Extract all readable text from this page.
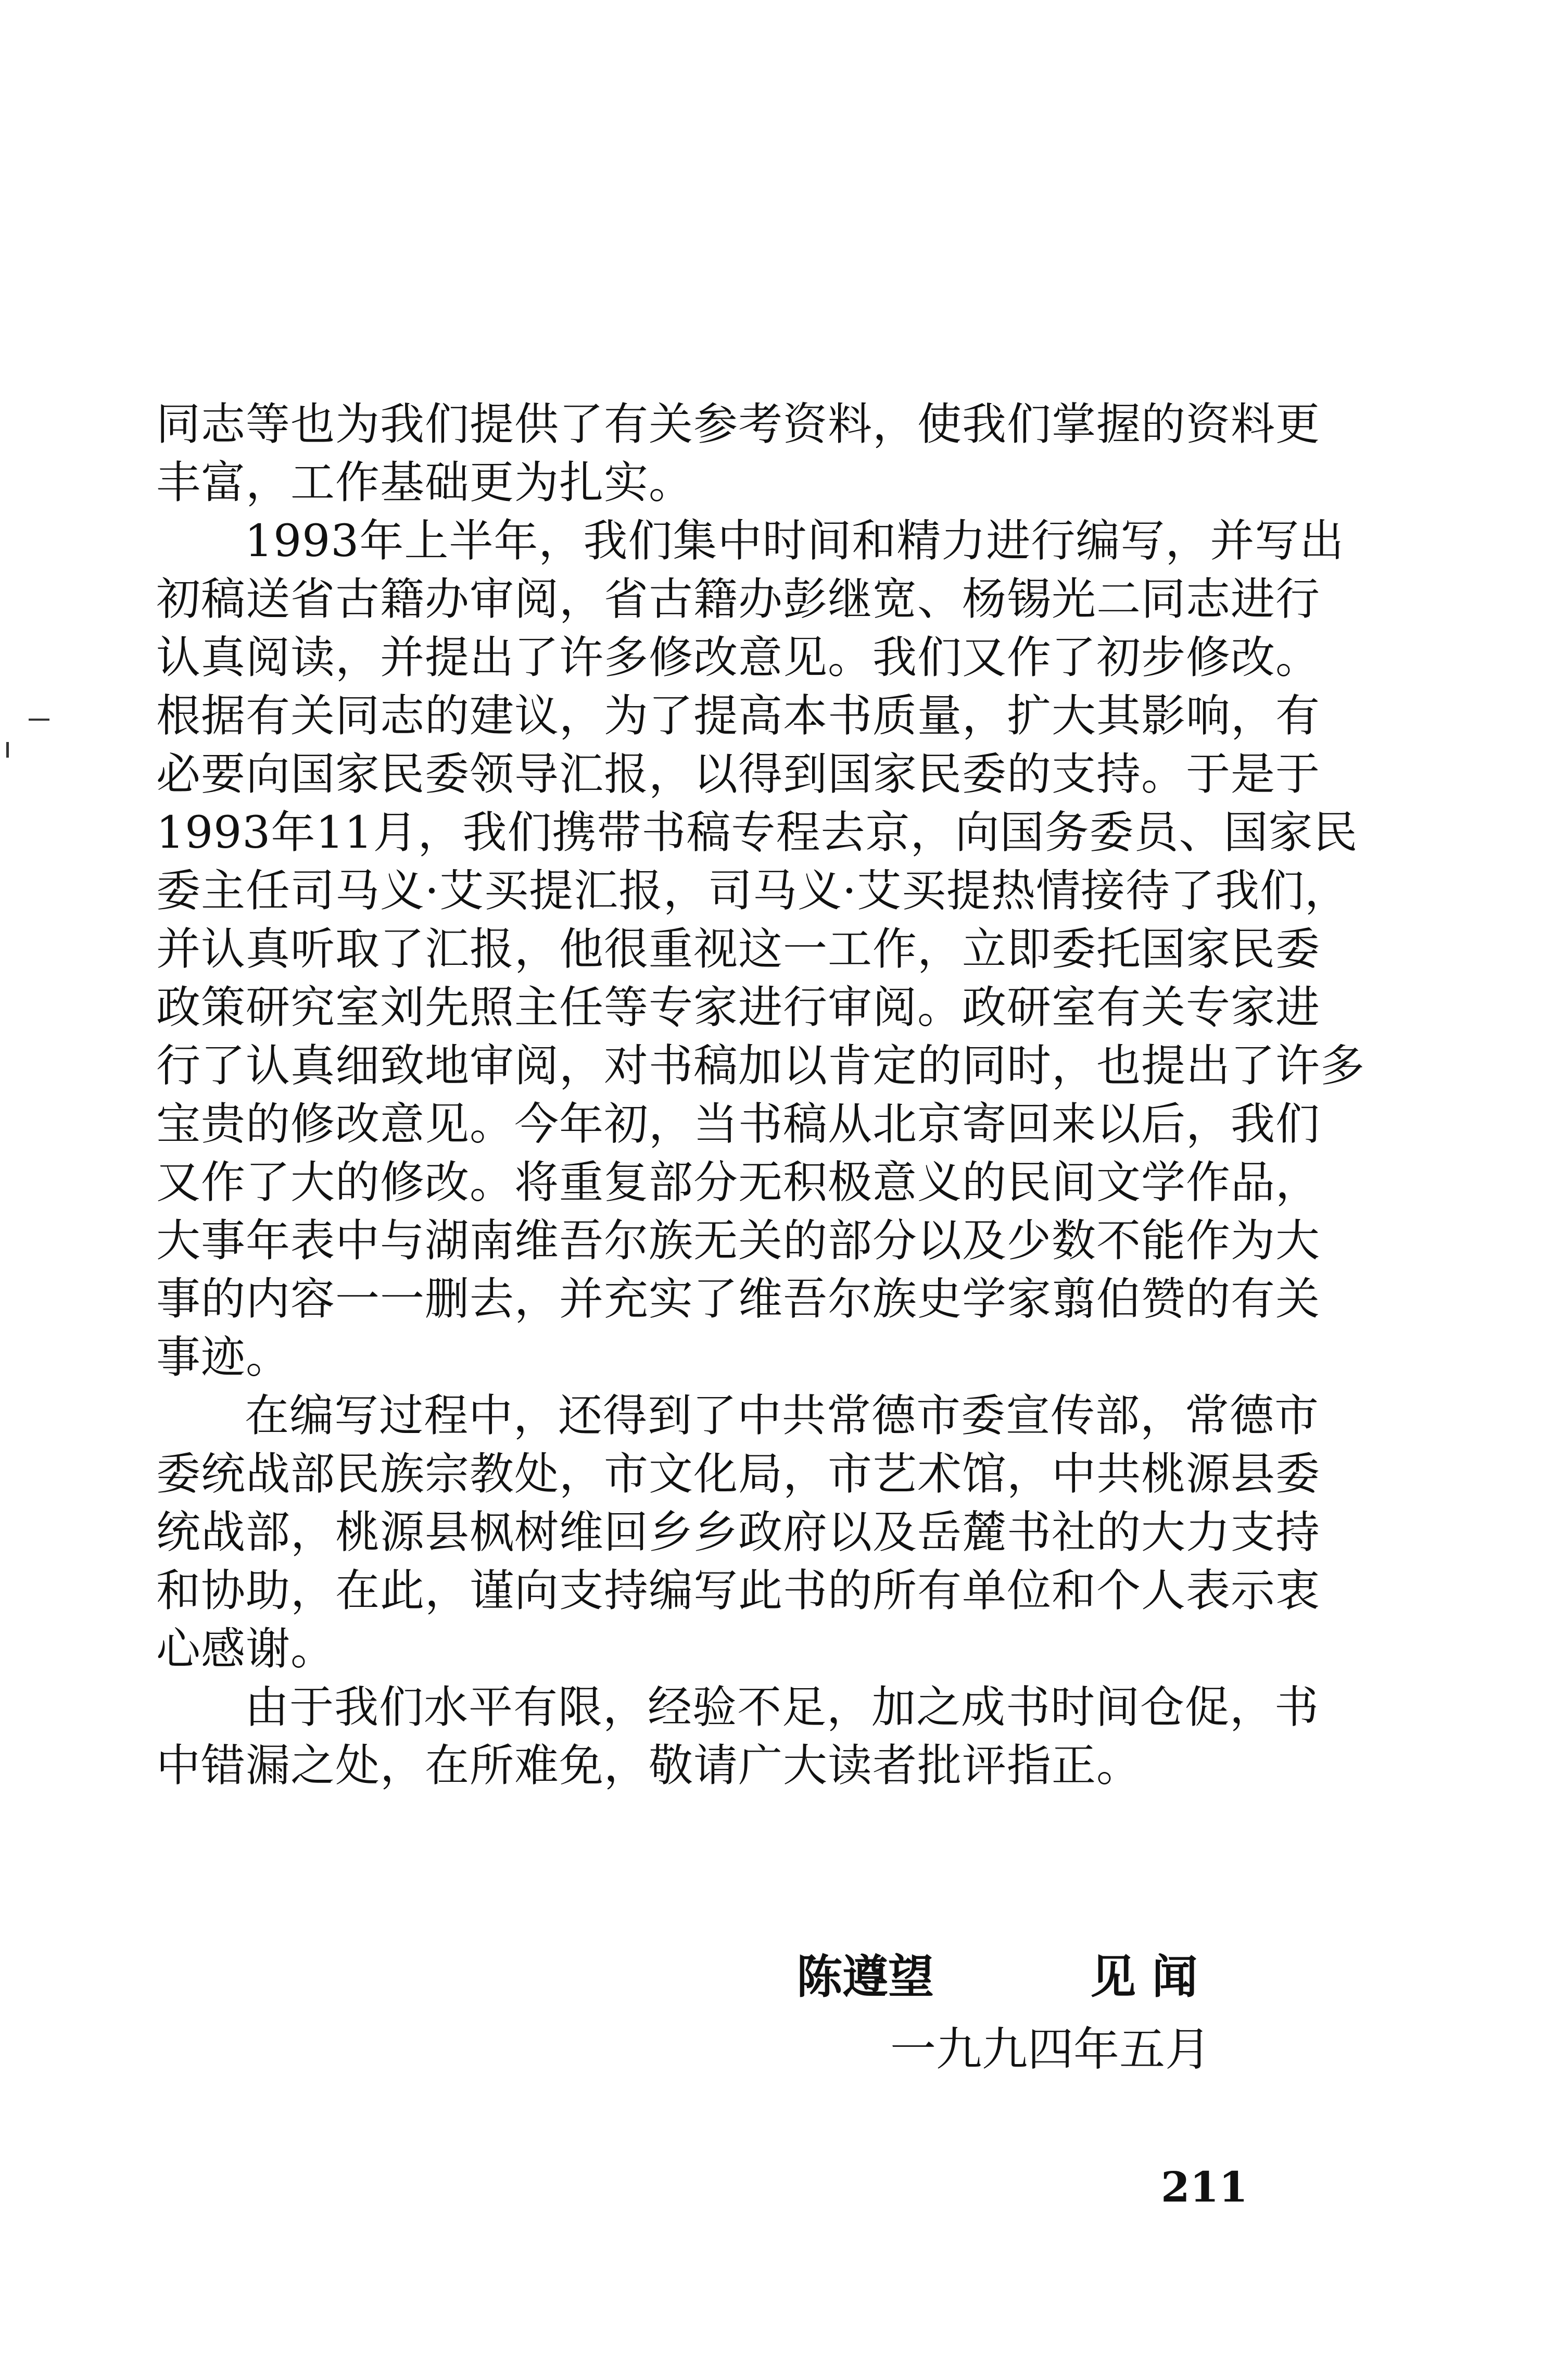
同志等也为我们提供了有关参考资料，使我们掌握的资料更
丰富，工作基础更为扎实。
1993年上半年，我们集中时间和精力进行编写，并写出
初稿送省古籍办审阅，省古籍办彭继宽、杨锡光二同志进行
认真阅读，并提出了许多修改意见。我们又作了初步修改。
根据有关同志的建议，为了提高本书质量，扩大其影响，有
必要向国家民委领导汇报，以得到国家民委的支持。于是于
1993年11月，我们携带书稿专程去京，向国务委员、国家民
委主任司马义·艾买提汇报，司马义·艾买提热情接待了我们，
并认真听取了汇报，他很重视这一工作，立即委托国家民委
政策研究室刘先照主任等专家进行审阅。政研室有关专家进
行了认真细致地审阅，对书稿加以肯定的同时，也提出了许多
宝贵的修改意见。今年初，当书稿从北京寄回来以后，我们
又作了大的修改。将重复部分无积极意义的民间文学作品，
大事年表中与湖南维吾尔族无关的部分以及少数不能作为大
事的内容一一删去，并充实了维吾尔族史学家翦伯赞的有关
事迹。
在编写过程中，还得到了中共常德市委宣传部，常德市
委统战部民族宗教处，市文化局，市艺术馆，中共桃源县委
统战部，桃源县枫树维回乡乡政府以及岳麓书社的大力支持
和协助，在此，谨向支持编写此书的所有单位和个人表示衷
心感谢。
由于我们水平有限，经验不足，加之成书时间仓促，书
中错漏之处，在所难免，敬请广大读者批评指正。
陈遵望	见 闻
一九九四年五月
211
